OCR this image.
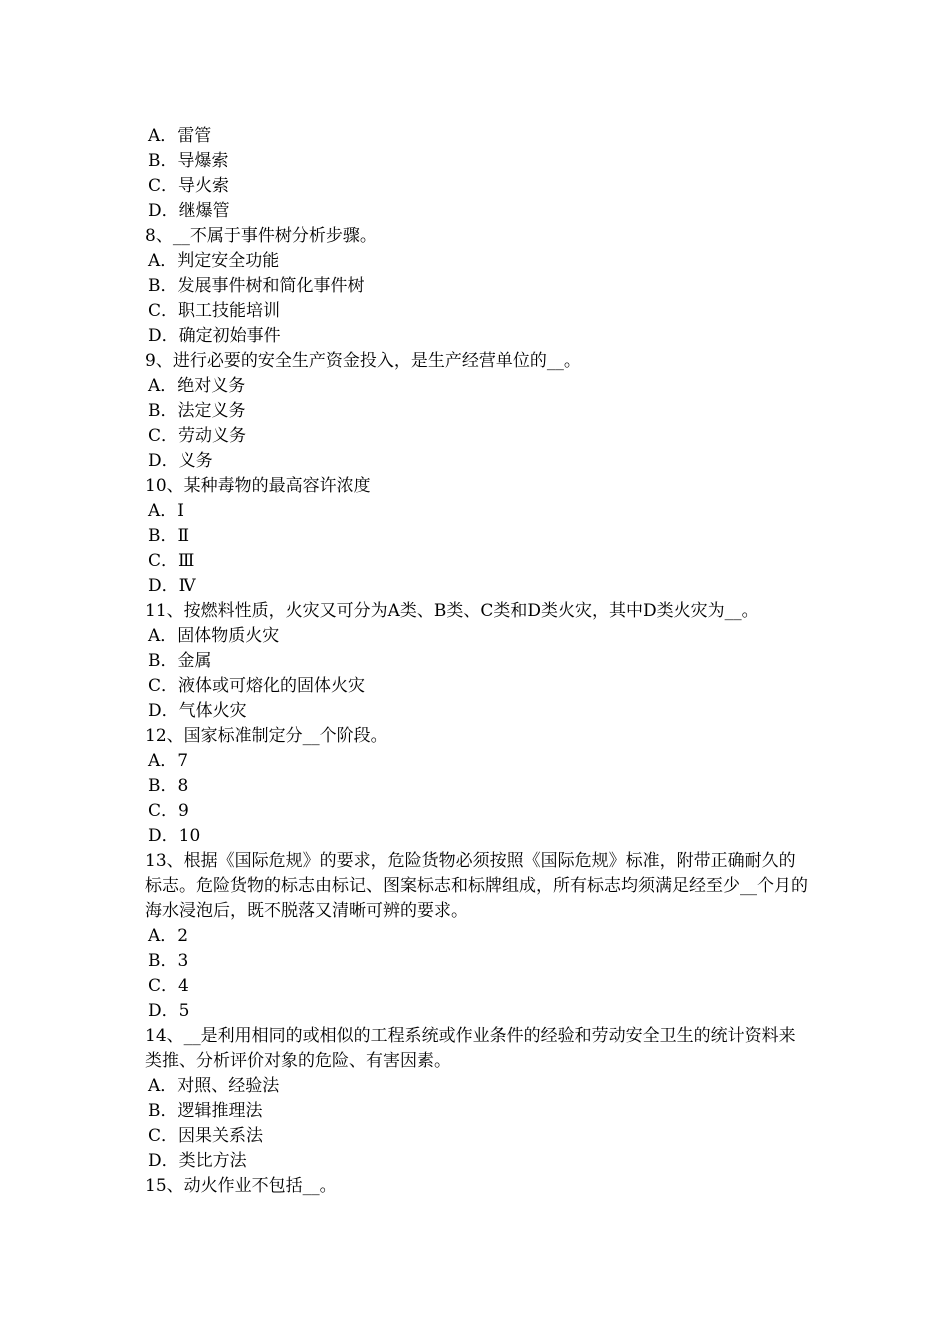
A．雷管

B．导爆索

C．导火索

D．继爆管

8、__不属于事件树分析步骤。

A．判定安全功能

B．发展事件树和简化事件树

C．职工技能培训

D．确定初始事件

9、进行必要的安全生产资金投入，是生产经营单位的__。

A．绝对义务

B．法定义务

C．劳动义务

D．义务

10、某种毒物的最高容许浓度

A．Ⅰ

B．Ⅱ

C．Ⅲ

D．Ⅳ

11、按燃料性质，火灾又可分为A类、B类、C类和D类火灾，其中D类火灾为__。

A．固体物质火灾

B．金属

C．液体或可熔化的固体火灾

D．气体火灾

12、国家标准制定分__个阶段。

A．7

B．8

C．9

D．10

13、根据《国际危规》的要求，危险货物必须按照《国际危规》标准，附带正确耐久的标志。危险货物的标志由标记、图案标志和标牌组成，所有标志均须满足经至少__个月的海水浸泡后，既不脱落又清晰可辨的要求。

A．2

B．3

C．4

D．5

14、__是利用相同的或相似的工程系统或作业条件的经验和劳动安全卫生的统计资料来类推、分析评价对象的危险、有害因素。

A．对照、经验法

B．逻辑推理法

C．因果关系法

D．类比方法

15、动火作业不包括__。
